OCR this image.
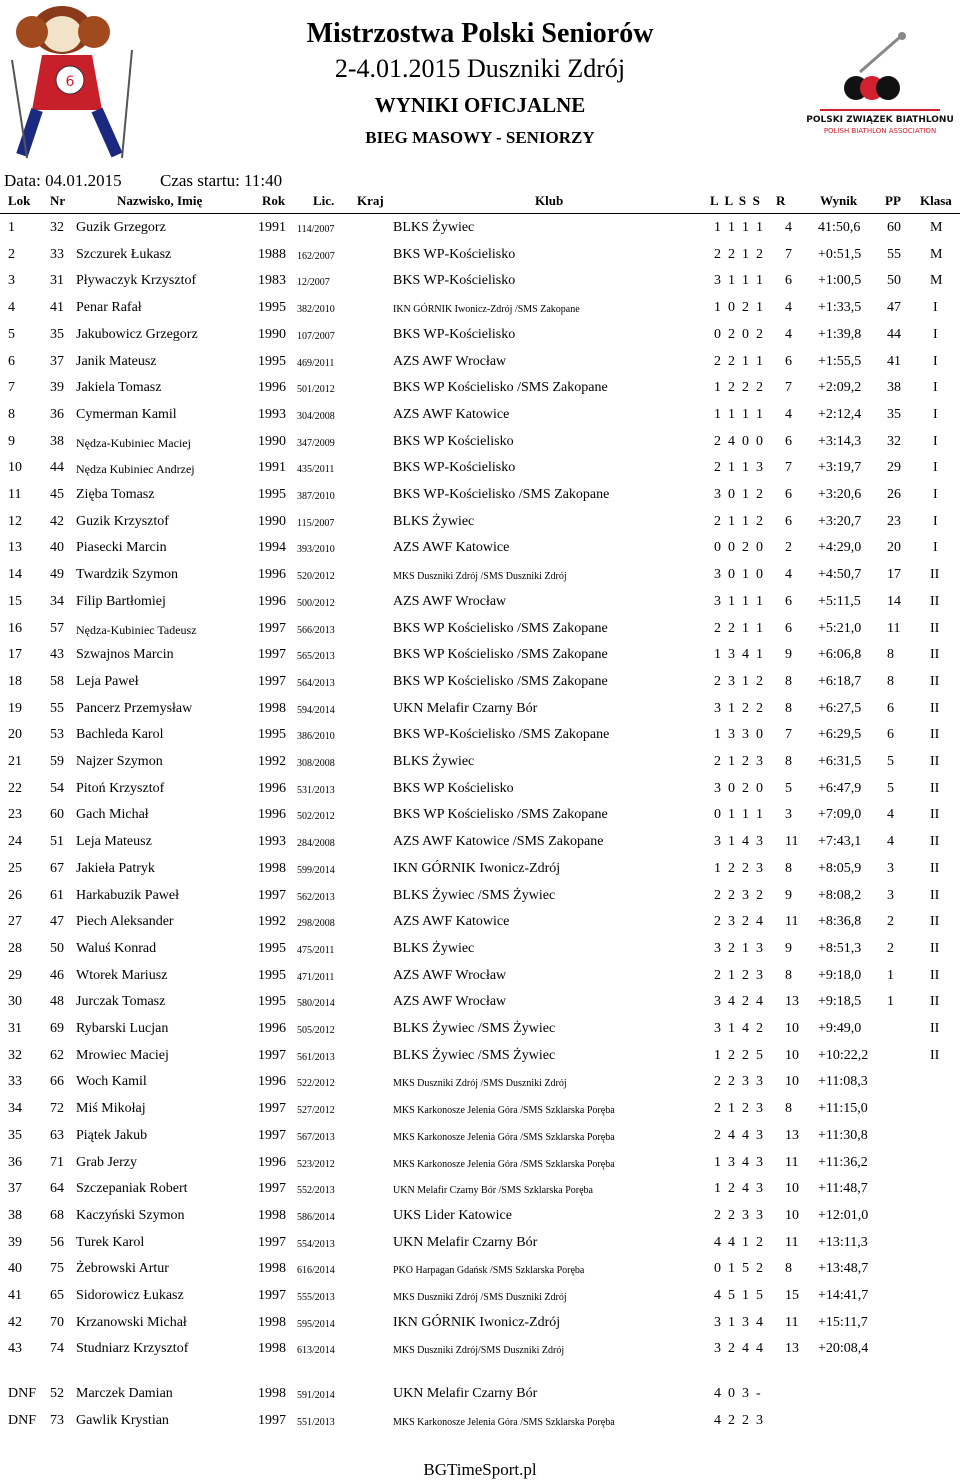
6
POLSKI ZWIĄZEK BIATHLONU
POLISH BIATHLON ASSOCIATION
Mistrzostwa Polski Seniorów
2-4.01.2015 Duszniki Zdrój
WYNIKI OFICJALNE
BIEG MASOWY - SENIORZY
Data: 04.01.2015 Czas startu: 11:40
Lok Nr	Nazwisko, Imię	Rok Lic. Kraj	Klub	L  L  S  S R	Wynik PP Klasa
1	32 Guzik Grzegorz	1991 114/2007	BLKS Żywiec	1  1  1  1 4 41:50,6 60 M
2	33 Szczurek Łukasz	1988 162/2007	BKS WP-Kościelisko	2  2  1  2 7 +0:51,5 55 M
3	31 Pływaczyk Krzysztof	1983 12/2007	BKS WP-Kościelisko	3  1  1  1 6 +1:00,5 50 M
4	41 Penar Rafał	1995 382/2010	IKN GÓRNIK Iwonicz-Zdrój /SMS Zakopane	1  0  2  1 4 +1:33,5 47 I
5	35 Jakubowicz Grzegorz	1990 107/2007	BKS WP-Kościelisko	0  2  0  2 4 +1:39,8 44 I
6	37 Janik Mateusz	1995 469/2011	AZS AWF Wrocław	2  2  1  1 6 +1:55,5 41 I
7	39 Jakiela Tomasz	1996 501/2012	BKS WP Kościelisko /SMS Zakopane	1  2  2  2 7 +2:09,2 38 I
8	36 Cymerman Kamil	1993 304/2008	AZS AWF Katowice	1  1  1  1 4 +2:12,4 35 I
9	38 Nędza-Kubiniec Maciej	1990 347/2009	BKS WP Kościelisko	2  4  0  0 6 +3:14,3 32 I
10 44 Nędza Kubiniec Andrzej	1991 435/2011	BKS WP-Kościelisko	2  1  1  3 7 +3:19,7 29 I
11 45 Zięba Tomasz	1995 387/2010	BKS WP-Kościelisko /SMS Zakopane	3  0  1  2 6 +3:20,6 26 I
12 42 Guzik Krzysztof	1990 115/2007	BLKS Żywiec	2  1  1  2 6 +3:20,7 23 I
13 40 Piasecki Marcin	1994 393/2010	AZS AWF Katowice	0  0  2  0 2 +4:29,0 20 I
14 49 Twardzik Szymon	1996 520/2012	MKS Duszniki Zdrój /SMS Duszniki Zdrój	3  0  1  0 4 +4:50,7 17 II
15 34 Filip Bartłomiej	1996 500/2012	AZS AWF Wrocław	3  1  1  1 6 +5:11,5 14 II
16 57 Nędza-Kubiniec Tadeusz	1997 566/2013	BKS WP Kościelisko /SMS Zakopane	2  2  1  1 6 +5:21,0 11 II
17 43 Szwajnos Marcin	1997 565/2013	BKS WP Kościelisko /SMS Zakopane	1  3  4  1 9 +6:06,8 8	II
18 58 Leja Paweł	1997 564/2013	BKS WP Kościelisko /SMS Zakopane	2  3  1  2 8 +6:18,7 8	II
19 55 Pancerz Przemysław	1998 594/2014	UKN Melafir Czarny Bór	3  1  2  2 8 +6:27,5 6	II
20 53 Bachleda Karol	1995 386/2010	BKS WP-Kościelisko /SMS Zakopane	1  3  3  0 7 +6:29,5 6	II
21 59 Najzer Szymon	1992 308/2008	BLKS Żywiec	2  1  2  3 8 +6:31,5 5	II
22 54 Pitoń Krzysztof	1996 531/2013	BKS WP Kościelisko	3  0  2  0 5 +6:47,9 5	II
23 60 Gach Michał	1996 502/2012	BKS WP Kościelisko /SMS Zakopane	0  1  1  1 3 +7:09,0 4	II
24 51 Leja Mateusz	1993 284/2008	AZS AWF Katowice /SMS Zakopane	3  1  4  3 11 +7:43,1 4	II
25 67 Jakieła Patryk	1998 599/2014	IKN GÓRNIK Iwonicz-Zdrój	1  2  2  3 8 +8:05,9 3	II
26 61 Harkabuzik Paweł	1997 562/2013	BLKS Żywiec /SMS Żywiec	2  2  3  2 9 +8:08,2 3	II
27 47 Piech Aleksander	1992 298/2008	AZS AWF Katowice	2  3  2  4 11 +8:36,8 2	II
28 50 Waluś Konrad	1995 475/2011	BLKS Żywiec	3  2  1  3 9 +8:51,3 2	II
29 46 Wtorek Mariusz	1995 471/2011	AZS AWF Wrocław	2  1  2  3 8 +9:18,0 1	II
30 48 Jurczak Tomasz	1995 580/2014	AZS AWF Wrocław	3  4  2  4 13 +9:18,5 1	II
31 69 Rybarski Lucjan	1996 505/2012	BLKS Żywiec /SMS Żywiec	3  1  4  2 10 +9:49,0	II
32 62 Mrowiec Maciej	1997 561/2013	BLKS Żywiec /SMS Żywiec	1  2  2  5 10 +10:22,2	II
33 66 Woch Kamil	1996 522/2012	MKS Duszniki Zdrój /SMS Duszniki Zdrój	2  2  3  3 10 +11:08,3
34 72 Miś Mikołaj	1997 527/2012	MKS Karkonosze Jelenia Góra /SMS Szklarska Poręba	2  1  2  3 8 +11:15,0
35 63 Piątek Jakub	1997 567/2013	MKS Karkonosze Jelenia Góra /SMS Szklarska Poręba	2  4  4  3 13 +11:30,8
36 71 Grab Jerzy	1996 523/2012	MKS Karkonosze Jelenia Góra /SMS Szklarska Poręba	1  3  4  3 11 +11:36,2
37 64 Szczepaniak Robert	1997 552/2013	UKN Melafir Czarny Bór /SMS Szklarska Poręba	1  2  4  3 10 +11:48,7
38 68 Kaczyński Szymon	1998 586/2014	UKS Lider Katowice	2  2  3  3 10 +12:01,0
39 56 Turek Karol	1997 554/2013	UKN Melafir Czarny Bór	4  4  1  2 11 +13:11,3
40 75 Żebrowski Artur	1998 616/2014	PKO Harpagan Gdańsk /SMS Szklarska Poręba	0  1  5  2 8 +13:48,7
41 65 Sidorowicz Łukasz	1997 555/2013	MKS Duszniki Zdrój /SMS Duszniki Zdrój	4  5  1  5 15 +14:41,7
42 70 Krzanowski Michał	1998 595/2014	IKN GÓRNIK Iwonicz-Zdrój	3  1  3  4 11 +15:11,7
43 74 Studniarz Krzysztof	1998 613/2014	MKS Duszniki Zdrój/SMS Duszniki Zdrój	3  2  4  4 13 +20:08,4
DNF 52 Marczek Damian	1998 591/2014	UKN Melafir Czarny Bór	4  0  3  -
DNF 73 Gawlik Krystian	1997 551/2013	MKS Karkonosze Jelenia Góra /SMS Szklarska Poręba	4  2  2  3
BGTimeSport.pl
